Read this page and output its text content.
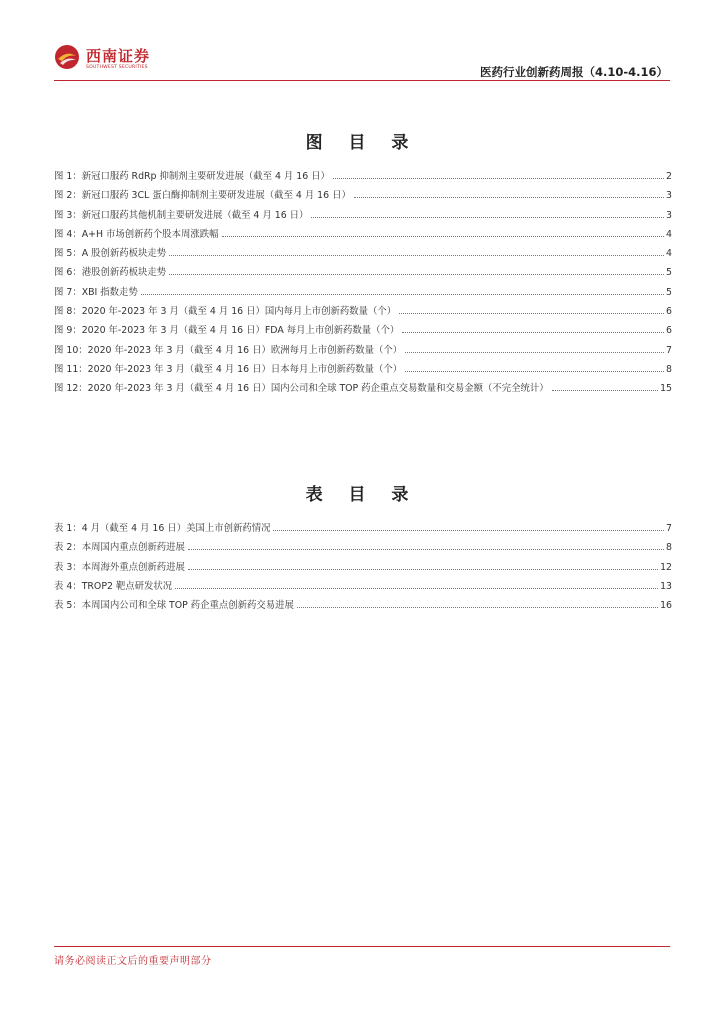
西南证券
SOUTHWEST SECURITIES	医药行业创新药周报（4.10-4.16）
图 目 录
图 1：新冠口服药 RdRp 抑制剂主要研发进展（截至 4 月 16 日）	2
图 2：新冠口服药 3CL 蛋白酶抑制剂主要研发进展（截至 4 月 16 日）	3
图 3：新冠口服药其他机制主要研发进展（截至 4 月 16 日）	3
图 4：A+H 市场创新药个股本周涨跌幅	4
图 5：A 股创新药板块走势	4
图 6：港股创新药板块走势	5
图 7：XBI 指数走势	5
图 8：2020 年-2023 年 3 月（截至 4 月 16 日）国内每月上市创新药数量（个）	6
图 9：2020 年-2023 年 3 月（截至 4 月 16 日）FDA 每月上市创新药数量（个）	6
图 10：2020 年-2023 年 3 月（截至 4 月 16 日）欧洲每月上市创新药数量（个）	7
图 11：2020 年-2023 年 3 月（截至 4 月 16 日）日本每月上市创新药数量（个）	8
图 12：2020 年-2023 年 3 月（截至 4 月 16 日）国内公司和全球 TOP 药企重点交易数量和交易金额（不完全统计）	15
表 目 录
表 1：4 月（截至 4 月 16 日）美国上市创新药情况	7
表 2：本周国内重点创新药进展	8
表 3：本周海外重点创新药进展	12
表 4：TROP2 靶点研发状况	13
表 5：本周国内公司和全球 TOP 药企重点创新药交易进展	16
请务必阅读正文后的重要声明部分
